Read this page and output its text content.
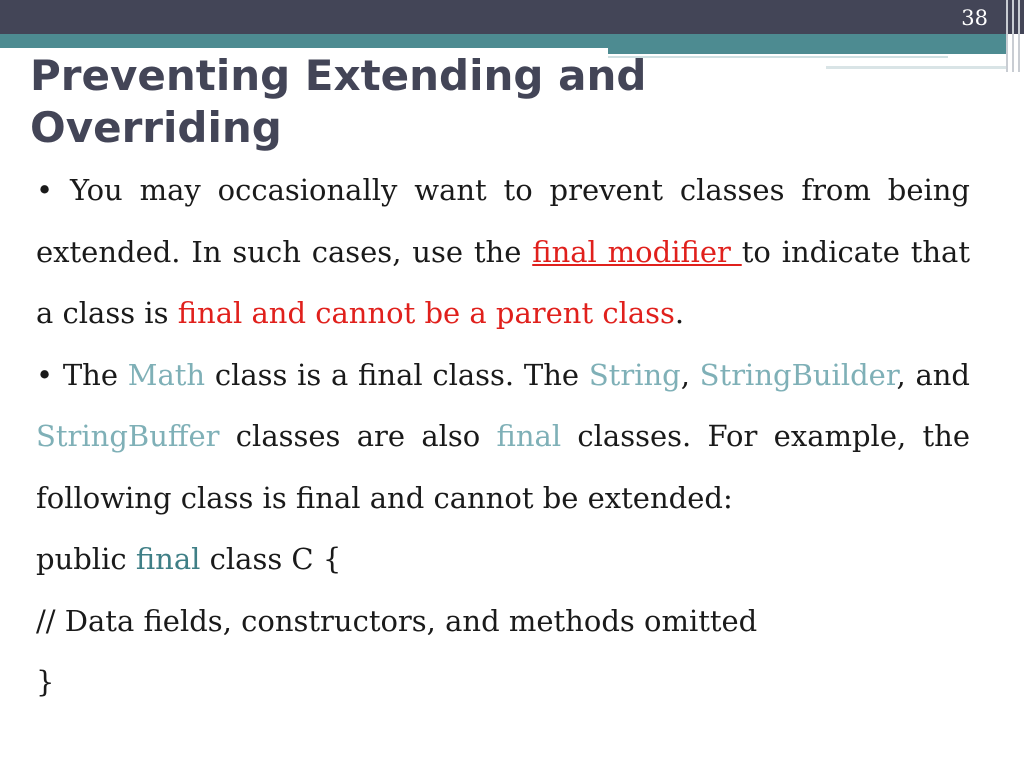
38
Preventing Extending and Overriding

• You may occasionally want to prevent classes from being extended. In such cases, use the final modifier to indicate that a class is final and cannot be a parent class.

• The Math class is a final class. The String, StringBuilder, and StringBuffer classes are also final classes. For example, the following class is final and cannot be extended:

public final class C {

// Data fields, constructors, and methods omitted

}
